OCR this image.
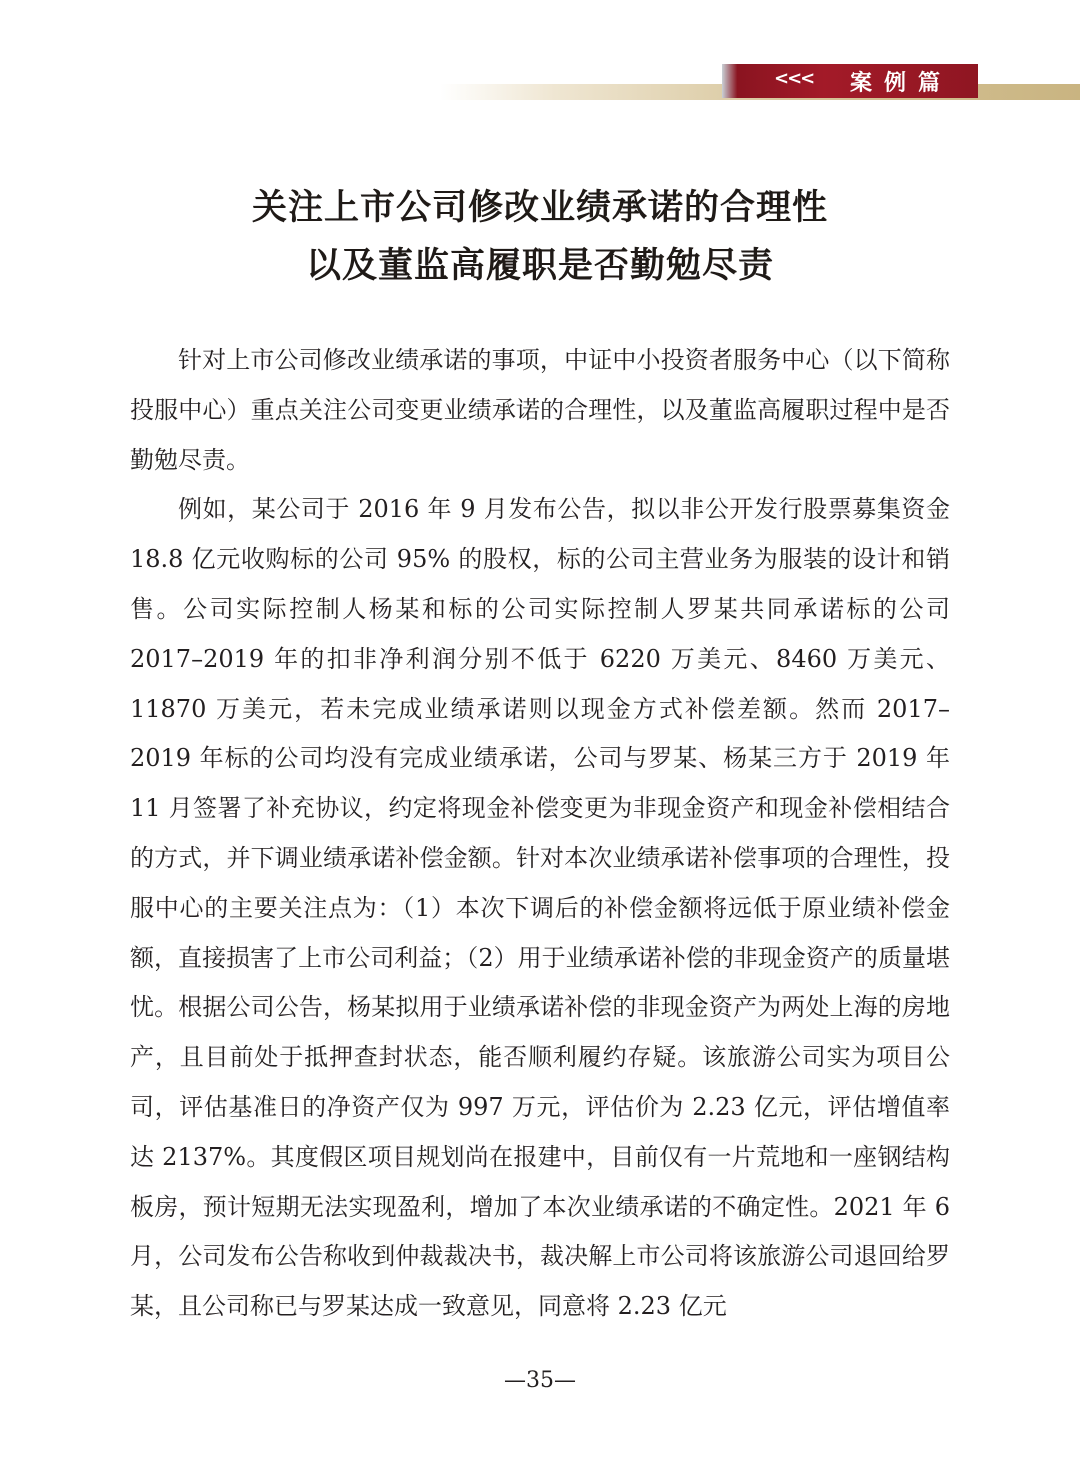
<<< 案例篇
关注上市公司修改业绩承诺的合理性
以及董监高履职是否勤勉尽责

针对上市公司修改业绩承诺的事项，中证中小投资者服务中心（以下简称投服中心）重点关注公司变更业绩承诺的合理性，以及董监高履职过程中是否勤勉尽责。

例如，某公司于 2016 年 9 月发布公告，拟以非公开发行股票募集资金 18.8 亿元收购标的公司 95% 的股权，标的公司主营业务为服装的设计和销售。公司实际控制人杨某和标的公司实际控制人罗某共同承诺标的公司 2017–2019 年的扣非净利润分别不低于 6220 万美元、8460 万美元、11870 万美元，若未完成业绩承诺则以现金方式补偿差额。然而 2017–2019 年标的公司均没有完成业绩承诺，公司与罗某、杨某三方于 2019 年 11 月签署了补充协议，约定将现金补偿变更为非现金资产和现金补偿相结合的方式，并下调业绩承诺补偿金额。针对本次业绩承诺补偿事项的合理性，投服中心的主要关注点为：（1）本次下调后的补偿金额将远低于原业绩补偿金额，直接损害了上市公司利益；（2）用于业绩承诺补偿的非现金资产的质量堪忧。根据公司公告，杨某拟用于业绩承诺补偿的非现金资产为两处上海的房地产，且目前处于抵押查封状态，能否顺利履约存疑。该旅游公司实为项目公司，评估基准日的净资产仅为 997 万元，评估价为 2.23 亿元，评估增值率达 2137%。其度假区项目规划尚在报建中，目前仅有一片荒地和一座钢结构板房，预计短期无法实现盈利，增加了本次业绩承诺的不确定性。2021 年 6 月，公司发布公告称收到仲裁裁决书，裁决解上市公司将该旅游公司退回给罗某，且公司称已与罗某达成一致意见，同意将 2.23 亿元

—35—
